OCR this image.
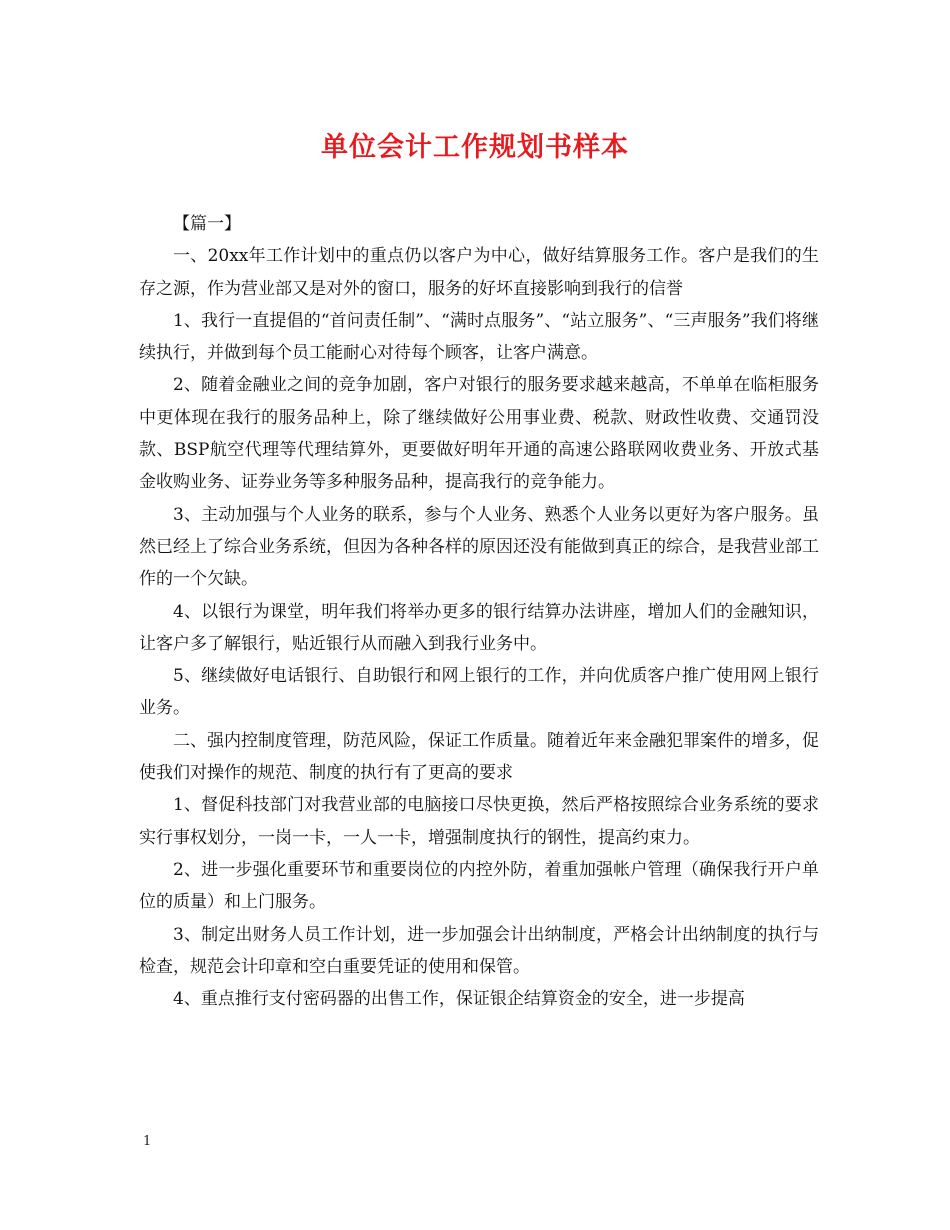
单位会计工作规划书样本

【篇一】

一、20xx年工作计划中的重点仍以客户为中心，做好结算服务工作。客户是我们的生存之源，作为营业部又是对外的窗口，服务的好坏直接影响到我行的信誉

1、我行一直提倡的“首问责任制”、“满时点服务”、“站立服务”、“三声服务”我们将继续执行，并做到每个员工能耐心对待每个顾客，让客户满意。

2、随着金融业之间的竞争加剧，客户对银行的服务要求越来越高，不单单在临柜服务中更体现在我行的服务品种上，除了继续做好公用事业费、税款、财政性收费、交通罚没款、BSP航空代理等代理结算外，更要做好明年开通的高速公路联网收费业务、开放式基金收购业务、证券业务等多种服务品种，提高我行的竞争能力。

3、主动加强与个人业务的联系，参与个人业务、熟悉个人业务以更好为客户服务。虽然已经上了综合业务系统，但因为各种各样的原因还没有能做到真正的综合，是我营业部工作的一个欠缺。

4、以银行为课堂，明年我们将举办更多的银行结算办法讲座，增加人们的金融知识，让客户多了解银行，贴近银行从而融入到我行业务中。

5、继续做好电话银行、自助银行和网上银行的工作，并向优质客户推广使用网上银行业务。

二、强内控制度管理，防范风险，保证工作质量。随着近年来金融犯罪案件的增多，促使我们对操作的规范、制度的执行有了更高的要求

1、督促科技部门对我营业部的电脑接口尽快更换，然后严格按照综合业务系统的要求实行事权划分，一岗一卡，一人一卡，增强制度执行的钢性，提高约束力。

2、进一步强化重要环节和重要岗位的内控外防，着重加强帐户管理（确保我行开户单位的质量）和上门服务。

3、制定出财务人员工作计划，进一步加强会计出纳制度，严格会计出纳制度的执行与检查，规范会计印章和空白重要凭证的使用和保管。

4、重点推行支付密码器的出售工作，保证银企结算资金的安全，进一步提高

1
